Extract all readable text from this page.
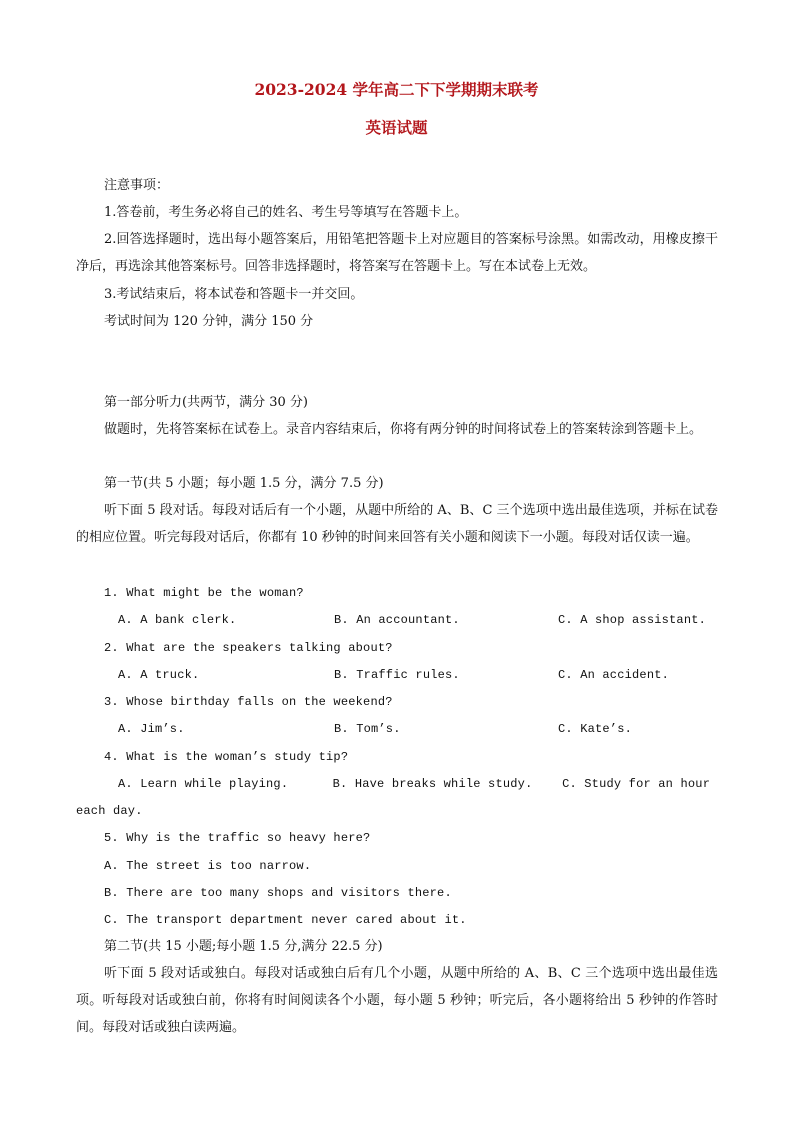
2023-2024 学年高二下下学期期末联考
英语试题
注意事项：
1.答卷前，考生务必将自己的姓名、考生号等填写在答题卡上。
2.回答选择题时，选出每小题答案后，用铅笔把答题卡上对应题目的答案标号涂黑。如需改动，用橡皮擦干净后，再选涂其他答案标号。回答非选择题时，将答案写在答题卡上。写在本试卷上无效。
3.考试结束后，将本试卷和答题卡一并交回。
考试时间为 120 分钟，满分 150 分
第一部分听力(共两节，满分 30 分)
做题时，先将答案标在试卷上。录音内容结束后，你将有两分钟的时间将试卷上的答案转涂到答题卡上。
第一节(共 5 小题；每小题 1.5 分，满分 7.5 分)
听下面 5 段对话。每段对话后有一个小题，从题中所给的 A、B、C 三个选项中选出最佳选项，并标在试卷的相应位置。听完每段对话后，你都有 10 秒钟的时间来回答有关小题和阅读下一小题。每段对话仅读一遍。
1. What might be the woman?
A. A bank clerk.	B. An accountant.	C. A shop assistant.
2. What are the speakers talking about?
A. A truck.	B. Traffic rules.	C. An accident.
3. Whose birthday falls on the weekend?
A. Jim’s.	B. Tom’s.	C. Kate’s.
4. What is the woman’s study tip?
A. Learn while playing.      B. Have breaks while study.    C. Study for an hour
each day.
5. Why is the traffic so heavy here?
A. The street is too narrow.
B. There are too many shops and visitors there.
C. The transport department never cared about it.
第二节(共 15 小题;每小题 1.5 分,满分 22.5 分)
听下面 5 段对话或独白。每段对话或独白后有几个小题，从题中所给的 A、B、C 三个选项中选出最佳选项。听每段对话或独白前，你将有时间阅读各个小题，每小题 5 秒钟；听完后，各小题将给出 5 秒钟的作答时间。每段对话或独白读两遍。
